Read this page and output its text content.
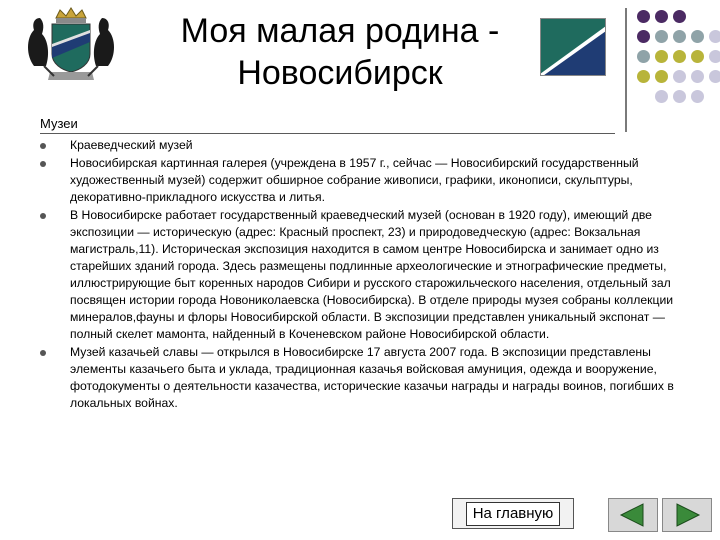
Моя малая родина -
Новосибирск
Музеи
Краеведческий музей
Новосибирская картинная галерея (учреждена в 1957 г., сейчас — Новосибирский государственный художественный музей) содержит обширное собрание живописи, графики, иконописи, скульптуры, декоративно-прикладного искусства и литья.
В Новосибирске работает государственный краеведческий музей (основан в 1920 году), имеющий две экспозиции — историческую (адрес: Красный проспект, 23) и природоведческую (адрес: Вокзальная магистраль,11). Историческая экспозиция находится в самом центре Новосибирска и занимает одно из старейших зданий города. Здесь размещены подлинные археологические и этнографические предметы, иллюстрирующие быт коренных народов Сибири и русского старожильческого населения, отдельный зал посвящен истории города Новониколаевска (Новосибирска). В отделе природы музея собраны коллекции минералов,фауны и флоры Новосибирской области. В экспозиции представлен уникальный экспонат — полный скелет мамонта, найденный в Коченевском районе Новосибирской области.
Музей казачьей славы — открылся в Новосибирске 17 августа 2007 года. В экспозиции представлены элементы казачьего быта и уклада, традиционная казачья войсковая амуниция, одежда и вооружение, фотодокументы о деятельности казачества, исторические казачьи награды и награды воинов, погибших в локальных войнах.
На главную
